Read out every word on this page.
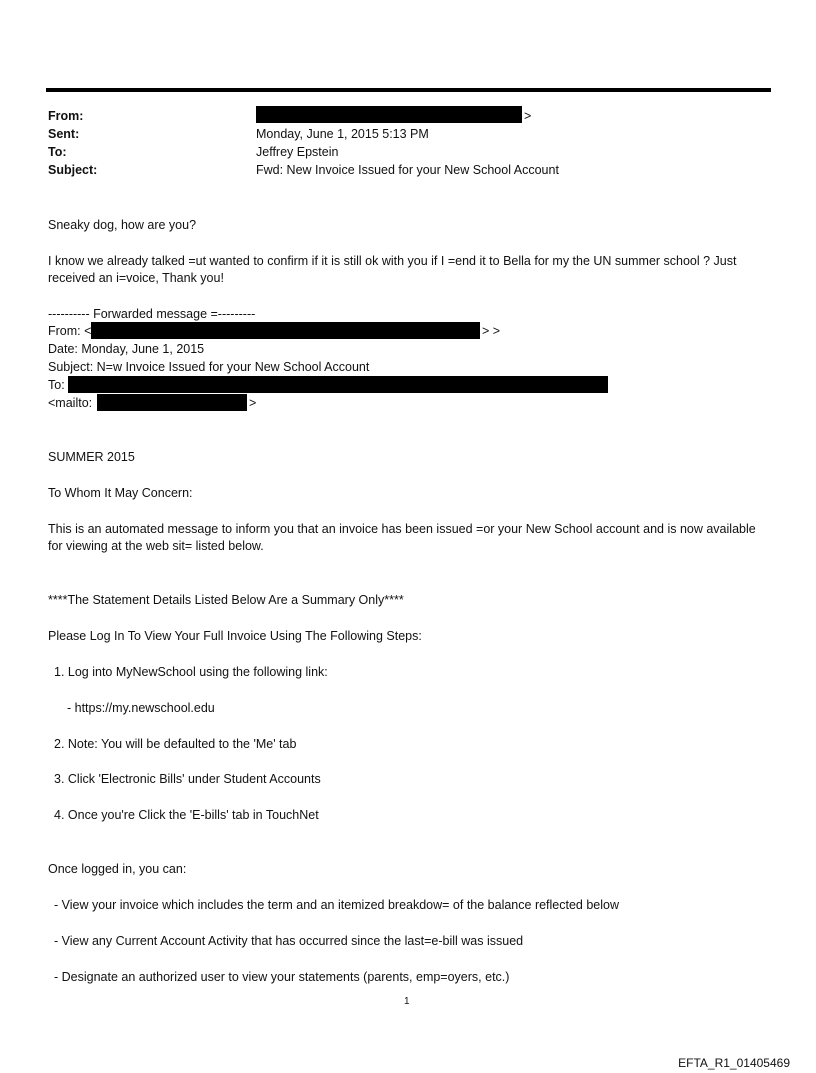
From:	>
Sent:	Monday, June 1, 2015 5:13 PM
To:	Jeffrey Epstein
Subject:	Fwd: New Invoice Issued for your New School Account
Sneaky dog, how are you?
I know we already talked =ut wanted to confirm if it is still ok with you if I =end it to Bella for my the UN summer school ? Just received an i=voice, Thank you!
---------- Forwarded message =---------
From: <	> >
Date: Monday, June 1, 2015
Subject: N=w Invoice Issued for your New School Account
To:
<mailto:	>
SUMMER 2015
To Whom It May Concern:
This is an automated message to inform you that an invoice has been issued =or your New School account and is now available for viewing at the web sit= listed below.
****The Statement Details Listed Below Are a Summary Only****
Please Log In To View Your Full Invoice Using The Following Steps:
1. Log into MyNewSchool using the following link:
- https://my.newschool.edu
2. Note: You will be defaulted to the 'Me' tab
3. Click 'Electronic Bills' under Student Accounts
4. Once you're Click the 'E-bills' tab in TouchNet
Once logged in, you can:
- View your invoice which includes the term and an itemized breakdow= of the balance reflected below
- View any Current Account Activity that has occurred since the last=e-bill was issued
- Designate an authorized user to view your statements (parents, emp=oyers, etc.)
1
EFTA_R1_01405469
